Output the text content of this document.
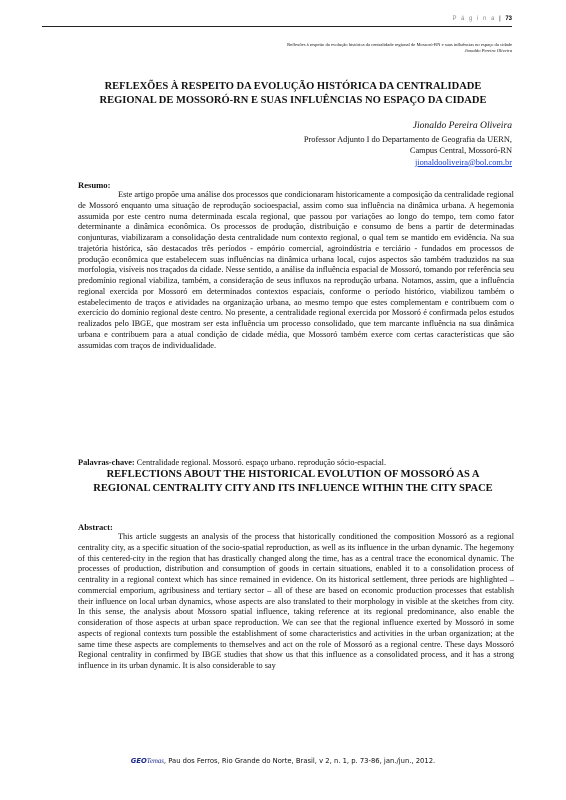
P á g i n a | 73
Reflexões à respeito da evolução histórica da centralidade regional de Mossoró-RN e suas influências no espaço da cidade
Jionaldo Pereira Oliveira
REFLEXÕES À RESPEITO DA EVOLUÇÃO HISTÓRICA DA CENTRALIDADE REGIONAL DE MOSSORÓ-RN E SUAS INFLUÊNCIAS NO ESPAÇO DA CIDADE
Jionaldo Pereira Oliveira
Professor Adjunto I do Departamento de Geografia da UERN,
Campus Central, Mossoró-RN
jionaldooliveira@bol.com.br
Resumo:

Este artigo propõe uma análise dos processos que condicionaram historicamente a composição da centralidade regional de Mossoró enquanto uma situação de reprodução socioespacial, assim como sua influência na dinâmica urbana. A hegemonia assumida por este centro numa determinada escala regional, que passou por variações ao longo do tempo, tem como fator determinante a dinâmica econômica. Os processos de produção, distribuição e consumo de bens a partir de determinadas conjunturas, viabilizaram a consolidação desta centralidade num contexto regional, o qual tem se mantido em evidência. Na sua trajetória histórica, são destacados três períodos - empório comercial, agroindústria e terciário - fundados em processos de produção econômica que estabelecem suas influências na dinâmica urbana local, cujos aspectos são também traduzidos na sua morfologia, visíveis nos traçados da cidade. Nesse sentido, a análise da influência espacial de Mossoró, tomando por referência seu predomínio regional viabiliza, também, a consideração de seus influxos na reprodução urbana. Notamos, assim, que a influência regional exercida por Mossoró em determinados contextos espaciais, conforme o período histórico, viabilizou também o estabelecimento de traços e atividades na organização urbana, ao mesmo tempo que estes complementam e contribuem com o exercício do domínio regional deste centro. No presente, a centralidade regional exercida por Mossoró é confirmada pelos estudos realizados pelo IBGE, que mostram ser esta influência um processo consolidado, que tem marcante influência na sua dinâmica urbana e contribuem para a atual condição de cidade média, que Mossoró também exerce com certas características que são assumidas com traços de individualidade.

Palavras-chave: Centralidade regional. Mossoró. espaço urbano. reprodução sócio-espacial.
REFLECTIONS ABOUT THE HISTORICAL EVOLUTION OF MOSSORÓ AS A REGIONAL CENTRALITY CITY AND ITS INFLUENCE WITHIN THE CITY SPACE
Abstract:

This article suggests an analysis of the process that historically conditioned the composition Mossoró as a regional centrality city, as a specific situation of the socio-spatial reproduction, as well as its influence in the urban dynamic. The hegemony of this centered-city in the region that has drastically changed along the time, has as a central trace the economical dynamic. The processes of production, distribution and consumption of goods in certain situations, enabled it to a consolidation process of centrality in a regional context which has since remained in evidence. On its historical settlement, three periods are highlighted – commercial emporium, agribusiness and tertiary sector – all of these are based on economic production processes that establish their influence on local urban dynamics, whose aspects are also translated to their morphology in visible at the sketches from city. In this sense, the analysis about Mossoro spatial influence, taking reference at its regional predominance, also enable the consideration of those aspects at urban space reproduction. We can see that the regional influence exerted by Mossoró in some aspects of regional contexts turn possible the establishment of some characteristics and activities in the urban organization; at the same time these aspects are complements to themselves and act on the role of Mossoró as a regional centre. These days Mossoró Regional centrality in confirmed by IBGE studies that show us that this influence as a consolidated process, and it has a strong influence in its urban dynamic. It is also considerable to say

GEOTemas, Pau dos Ferros, Rio Grande do Norte, Brasil, v 2, n. 1, p. 73-86, jan./jun., 2012.
